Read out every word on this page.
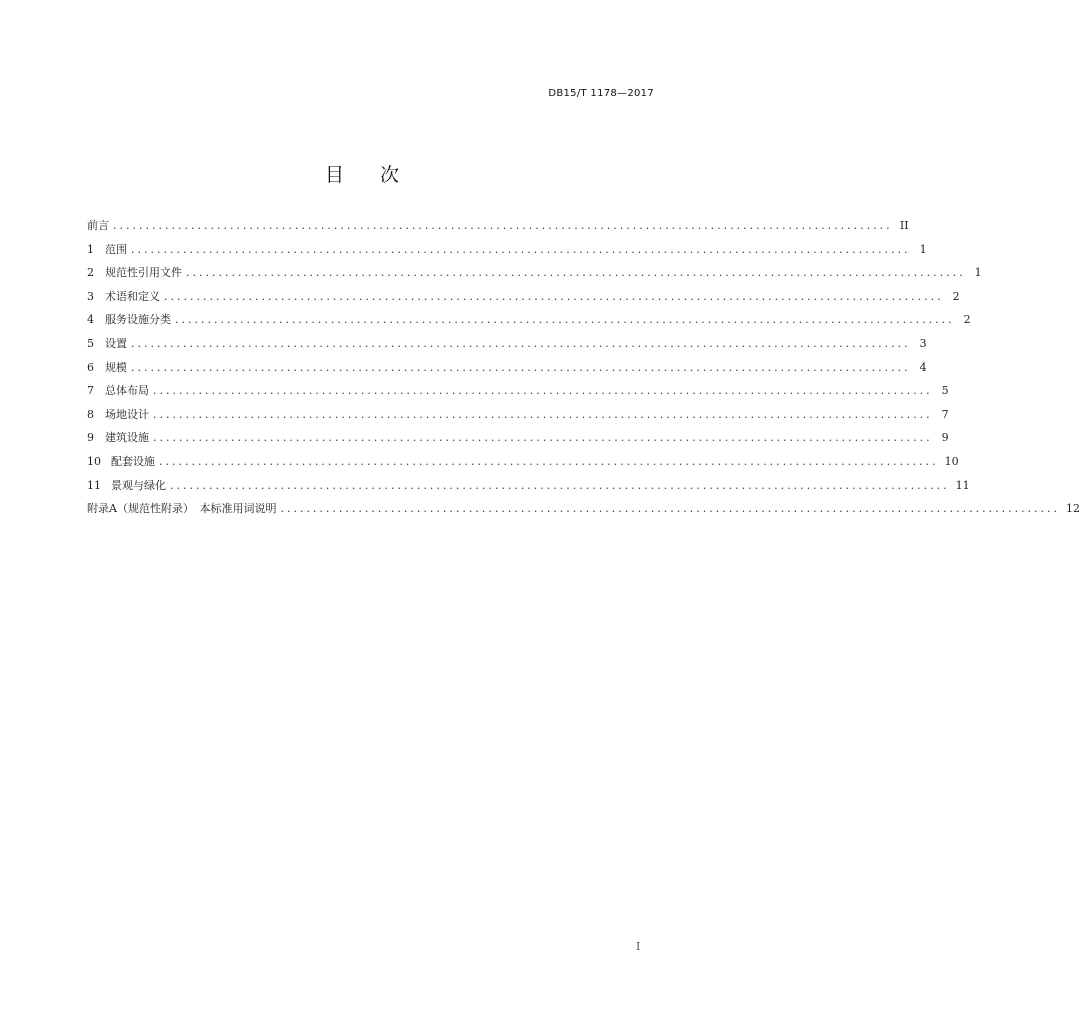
DB15/T 1178—2017
目 次
前言 ........................................................................................................................ II
1	范围 ........................................................................................................................ 1
2	规范性引用文件 ........................................................................................................................ 1
3	术语和定义 ........................................................................................................................ 2
4	服务设施分类 ........................................................................................................................ 2
5	设置 ........................................................................................................................ 3
6	规模 ........................................................................................................................ 4
7	总体布局 ........................................................................................................................ 5
8	场地设计 ........................................................................................................................ 7
9	建筑设施 ........................................................................................................................ 9
10 配套设施 ........................................................................................................................ 10
11 景观与绿化 ........................................................................................................................ 11
附录A（规范性附录）　本标准用词说明 ........................................................................................................................ 12
I
